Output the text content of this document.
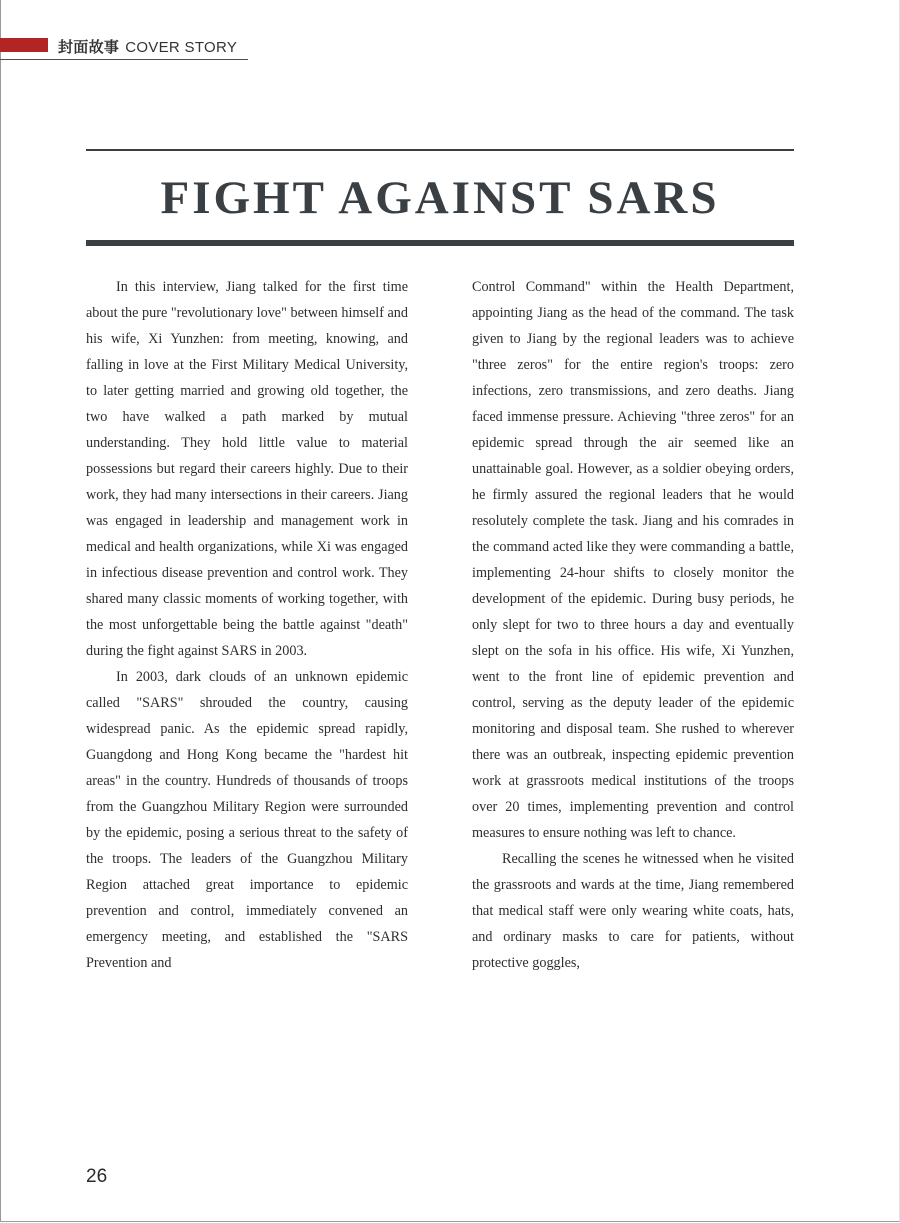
封面故事 COVER STORY
FIGHT AGAINST SARS

In this interview, Jiang talked for the first time about the pure "revolutionary love" between himself and his wife, Xi Yunzhen: from meeting, knowing, and falling in love at the First Military Medical University, to later getting married and growing old together, the two have walked a path marked by mutual understanding. They hold little value to material possessions but regard their careers highly. Due to their work, they had many intersections in their careers. Jiang was engaged in leadership and management work in medical and health organizations, while Xi was engaged in infectious disease prevention and control work. They shared many classic moments of working together, with the most unforgettable being the battle against "death" during the fight against SARS in 2003.

In 2003, dark clouds of an unknown epidemic called "SARS" shrouded the country, causing widespread panic. As the epidemic spread rapidly, Guangdong and Hong Kong became the "hardest hit areas" in the country. Hundreds of thousands of troops from the Guangzhou Military Region were surrounded by the epidemic, posing a serious threat to the safety of the troops. The leaders of the Guangzhou Military Region attached great importance to epidemic prevention and control, immediately convened an emergency meeting, and established the "SARS Prevention and

Control Command" within the Health Department, appointing Jiang as the head of the command. The task given to Jiang by the regional leaders was to achieve "three zeros" for the entire region's troops: zero infections, zero transmissions, and zero deaths. Jiang faced immense pressure. Achieving "three zeros" for an epidemic spread through the air seemed like an unattainable goal. However, as a soldier obeying orders, he firmly assured the regional leaders that he would resolutely complete the task. Jiang and his comrades in the command acted like they were commanding a battle, implementing 24-hour shifts to closely monitor the development of the epidemic. During busy periods, he only slept for two to three hours a day and eventually slept on the sofa in his office. His wife, Xi Yunzhen, went to the front line of epidemic prevention and control, serving as the deputy leader of the epidemic monitoring and disposal team. She rushed to wherever there was an outbreak, inspecting epidemic prevention work at grassroots medical institutions of the troops over 20 times, implementing prevention and control measures to ensure nothing was left to chance.

Recalling the scenes he witnessed when he visited the grassroots and wards at the time, Jiang remembered that medical staff were only wearing white coats, hats, and ordinary masks to care for patients, without protective goggles,

26
